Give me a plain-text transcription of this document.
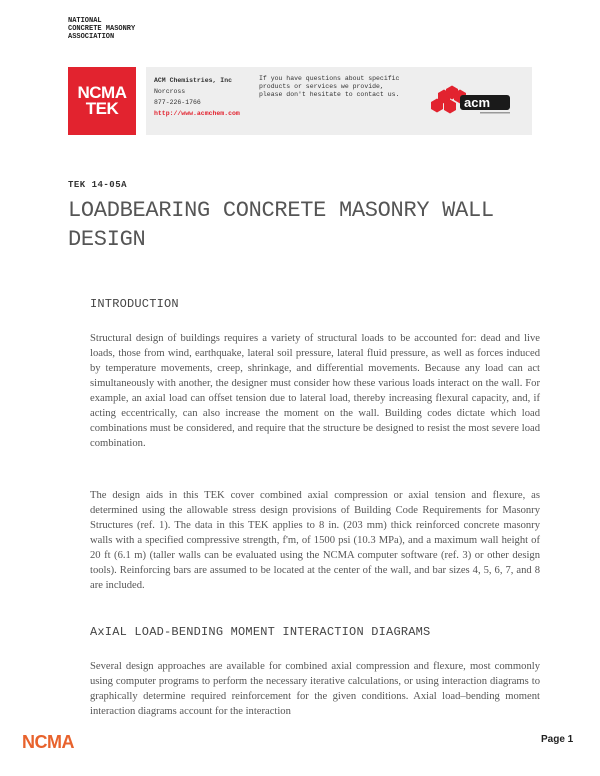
NATIONAL
CONCRETE MASONRY
ASSOCIATION
NCMA
TEK
ACM Chemistries, Inc
Norcross
877-226-1766
http://www.acmchem.com
If you have questions about specific products or services we provide, please don't hesitate to contact us.
acm
TEK 14-05A
LOADBEARING CONCRETE MASONRY WALL DESIGN
INTRODUCTION

Structural design of buildings requires a variety of structural loads to be accounted for: dead and live loads, those from wind, earthquake, lateral soil pressure, lateral fluid pressure, as well as forces induced by temperature movements, creep, shrinkage, and differential movements. Because any load can act simultaneously with another, the designer must consider how these various loads interact on the wall. For example, an axial load can offset tension due to lateral load, thereby increasing flexural capacity, and, if acting eccentrically, can also increase the moment on the wall. Building codes dictate which load combinations must be considered, and require that the structure be designed to resist the most severe load combination.

The design aids in this TEK cover combined axial compression or axial tension and flexure, as determined using the allowable stress design provisions of Building Code Requirements for Masonry Structures (ref. 1). The data in this TEK applies to 8 in. (203 mm) thick reinforced concrete masonry walls with a specified compressive strength, f'm, of 1500 psi (10.3 MPa), and a maximum wall height of 20 ft (6.1 m) (taller walls can be evaluated using the NCMA computer software (ref. 3) or other design tools). Reinforcing bars are assumed to be located at the center of the wall, and bar sizes 4, 5, 6, 7, and 8 are included.

AxIAL LOAD-BENDING MOMENT INTERACTION DIAGRAMS

Several design approaches are available for combined axial compression and flexure, most commonly using computer programs to perform the necessary iterative calculations, or using interaction diagrams to graphically determine required reinforcement for the given conditions. Axial load–bending moment interaction diagrams account for the interaction

NCMA	Page 1
